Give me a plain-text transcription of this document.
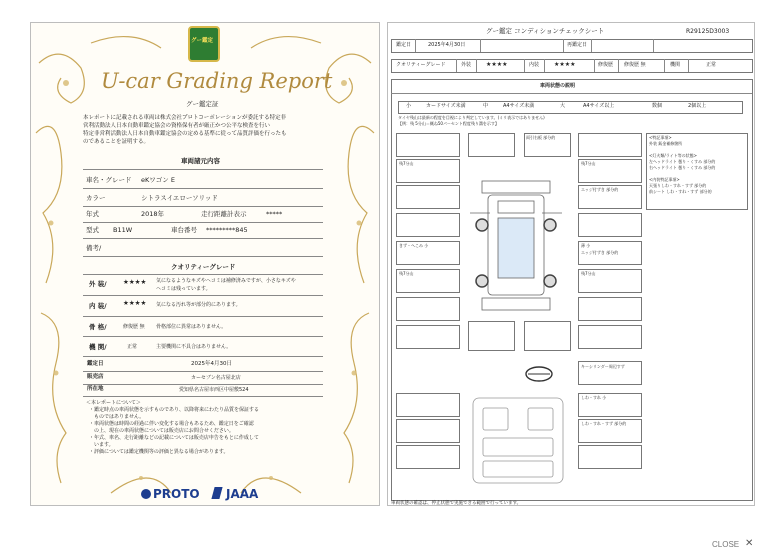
グー鑑定
U-car Grading Report
グー鑑定証
本レポートに記載される車両は株式会社プロトコーポレーションが委託する特定非
営利活動法人日本自動車鑑定協会の資格保有者が厳正かつ公平な検査を行い
特定非営利活動法人日本自動車鑑定協会の定める基準に従って品質評価を行ったも
のであることを証明する。
車両諸元内容
車名・グレード eKワゴン E
カラー	シトラスイエローソリッド
年式	2018年	走行距離計表示	*****
型式 B11W	車台番号 *********845
備考/
クオリティーグレード
外 装/	★★★★ 気になるようなキズやヘコミは補修済みですが、小さなキズや
ヘコミは残っています。
内 装/	★★★★ 気になる汚れ等が部分的にあります。
骨 格/	修復歴 無 骨格部位に異常はありません。
機 関/	正常	主要機関に不具合はありません。
鑑定日	2025年4月30日
販売店	カーセブン名古屋北店
所在地	愛知県名古屋市西区中屋敷524
＜本レポートについて＞
・鑑定時点の車両状態を示すものであり、以降将来にわたり品質を保証する
　ものではありません。
・車両状態は時間の経過に伴い変化する場合もあるため、鑑定日をご確認
　の上、現在の車両状態については販売店にお問合せください。
・年式、車名、走行距離などの記載については販売店申告をもとに作成して
　います。
・評価については鑑定機関等の評価と異なる場合があります。
PROTO JAAA
グー鑑定 コンディションチェックシート	R29125D3003
鑑定日	2025年4月30日	再鑑定日
クオリティーグレード	外装 ★★★★	内装 ★★★★	修復歴 修復歴 無	機関	正常
車両状態の説明
小	カードサイズ未満	中	A4サイズ未満	大	A4サイズ以上	数個	2個以上
タイヤ残山は最新の程度を目視により判定しています。(ミリ表示ではありません)
【例：残 5分山＝概ね50パーセント程度残り溝を示す】
両引右板 部分的
残7分山	残7分山
エッジ付ずき 部分的
きず・へこみ 小	薄 小
エッジ付ずき 部分的
残7分山	残7分山
<特記事項>
外装 鈑金補修箇所
<灯火類/ライト等の状態>
左ヘッドライト 曇り・くすみ 部分的
右ヘッドライト 曇り・くすみ 部分的
<内装特記事項>
天張りしわ・すれ・すず 部分的
前シート しわ・すれ・すず 部分的
キーシリンダー周辺すず
しわ・すれ 小
しわ・すれ・すず 部分的
車両状態の確認は、停止状態で実施できる範囲で行っています。
CLOSE ✕
